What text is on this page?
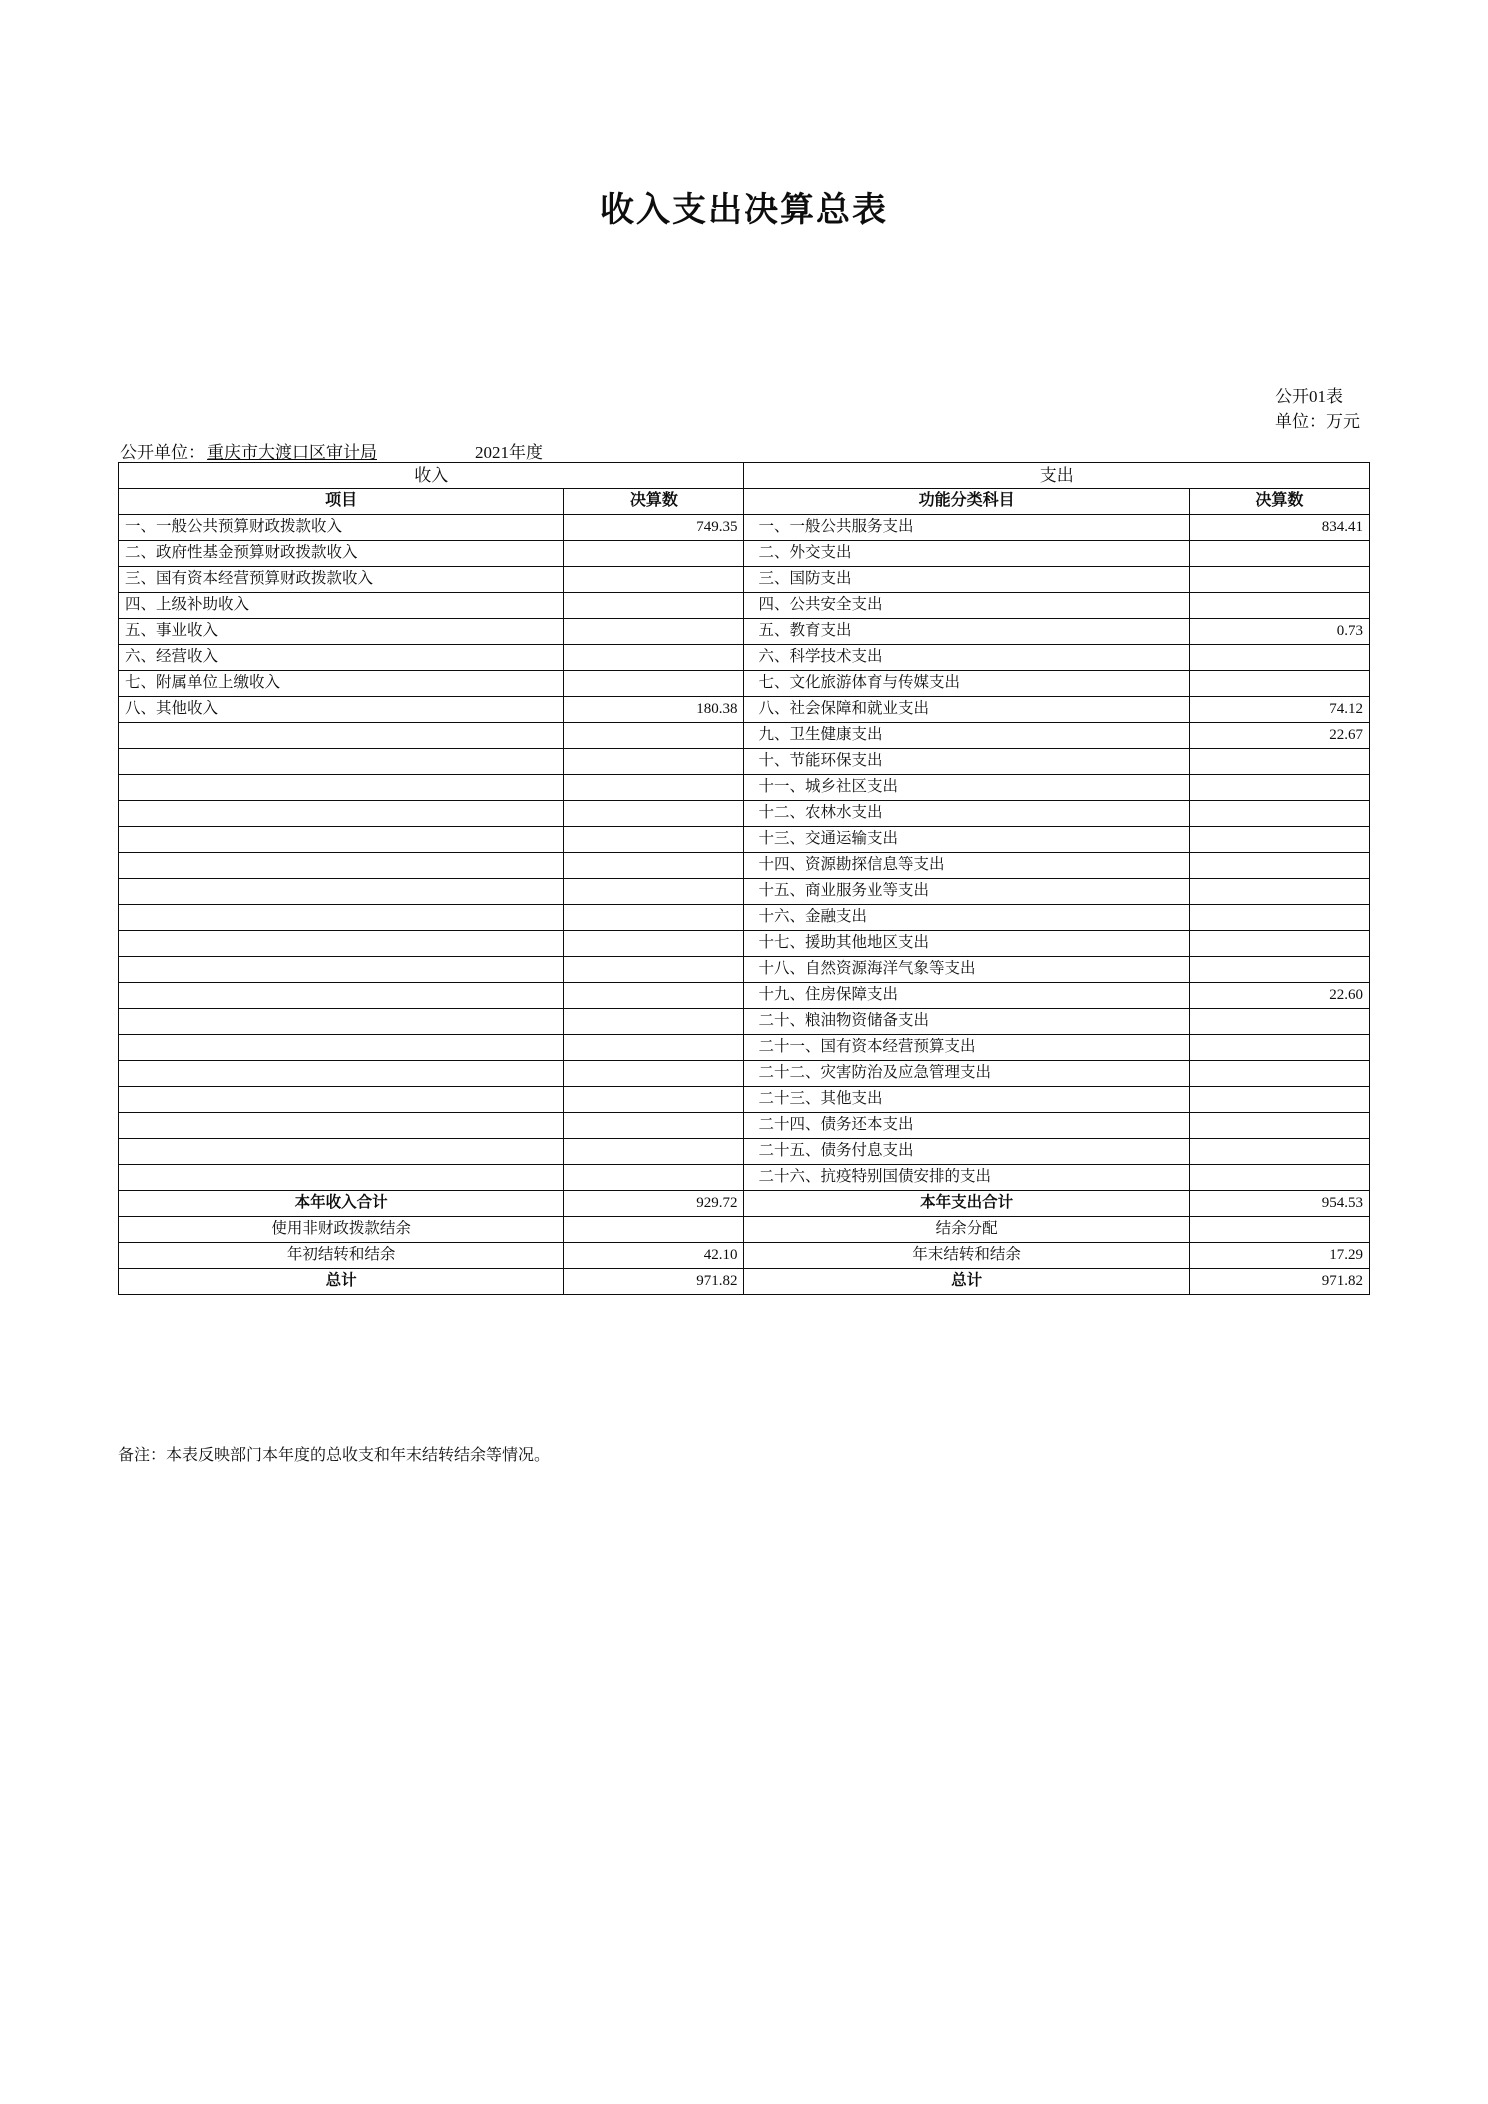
收入支出决算总表
公开01表
单位：万元
公开单位： 重庆市大渡口区审计局	2021年度
收入		支出	
项目	决算数	功能分类科目	决算数
一、一般公共预算财政拨款收入	749.35	一、一般公共服务支出	834.41
二、政府性基金预算财政拨款收入		二、外交支出	
三、国有资本经营预算财政拨款收入		三、国防支出	
四、上级补助收入		四、公共安全支出	
五、事业收入		五、教育支出	0.73
六、经营收入		六、科学技术支出	
七、附属单位上缴收入		七、文化旅游体育与传媒支出	
八、其他收入	180.38	八、社会保障和就业支出	74.12
		九、卫生健康支出	22.67
		十、节能环保支出	
		十一、城乡社区支出	
		十二、农林水支出	
		十三、交通运输支出	
		十四、资源勘探信息等支出	
		十五、商业服务业等支出	
		十六、金融支出	
		十七、援助其他地区支出	
		十八、自然资源海洋气象等支出	
		十九、住房保障支出	22.60
		二十、粮油物资储备支出	
		二十一、国有资本经营预算支出	
		二十二、灾害防治及应急管理支出	
		二十三、其他支出	
		二十四、债务还本支出	
		二十五、债务付息支出	
		二十六、抗疫特别国债安排的支出	
本年收入合计	929.72	本年支出合计	954.53
使用非财政拨款结余		结余分配	
年初结转和结余	42.10	年末结转和结余	17.29
总计	971.82	总计	971.82
备注：本表反映部门本年度的总收支和年末结转结余等情况。
